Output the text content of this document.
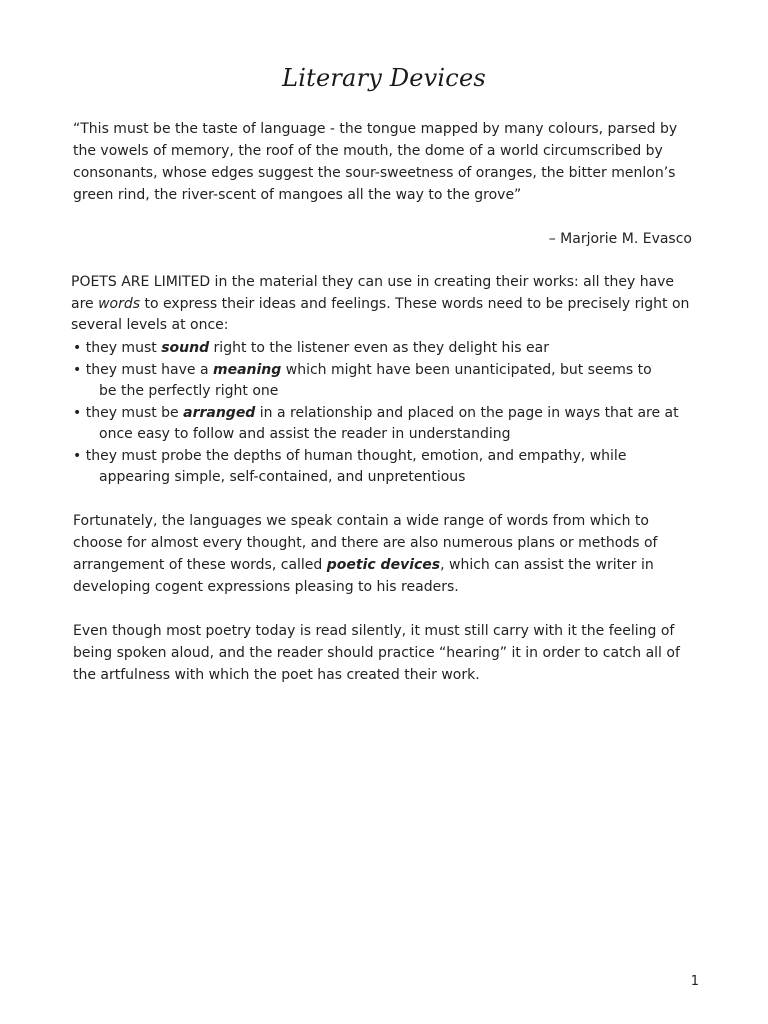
Literary Devices
“This must be the taste of language - the tongue mapped by many colours, parsed by the vowels of memory, the roof of the mouth, the dome of a world circumscribed by consonants, whose edges suggest the sour-sweetness of oranges, the bitter menlon’s green rind, the river-scent of mangoes all the way to the grove”
– Marjorie M. Evasco
POETS ARE LIMITED in the material they can use in creating their works: all they have are words to express their ideas and feelings. These words need to be precisely right on several levels at once:
• they must sound right to the listener even as they delight his ear
• they must have a meaning which might have been unanticipated, but seems to
be the perfectly right one
• they must be arranged in a relationship and placed on the page in ways that are at
once easy to follow and assist the reader in understanding
• they must probe the depths of human thought, emotion, and empathy, while
appearing simple, self-contained, and unpretentious
Fortunately, the languages we speak contain a wide range of words from which to choose for almost every thought, and there are also numerous plans or methods of arrangement of these words, called poetic devices, which can assist the writer in developing cogent expressions pleasing to his readers.
Even though most poetry today is read silently, it must still carry with it the feeling of being spoken aloud, and the reader should practice “hearing” it in order to catch all of the artfulness with which the poet has created their work.
1
